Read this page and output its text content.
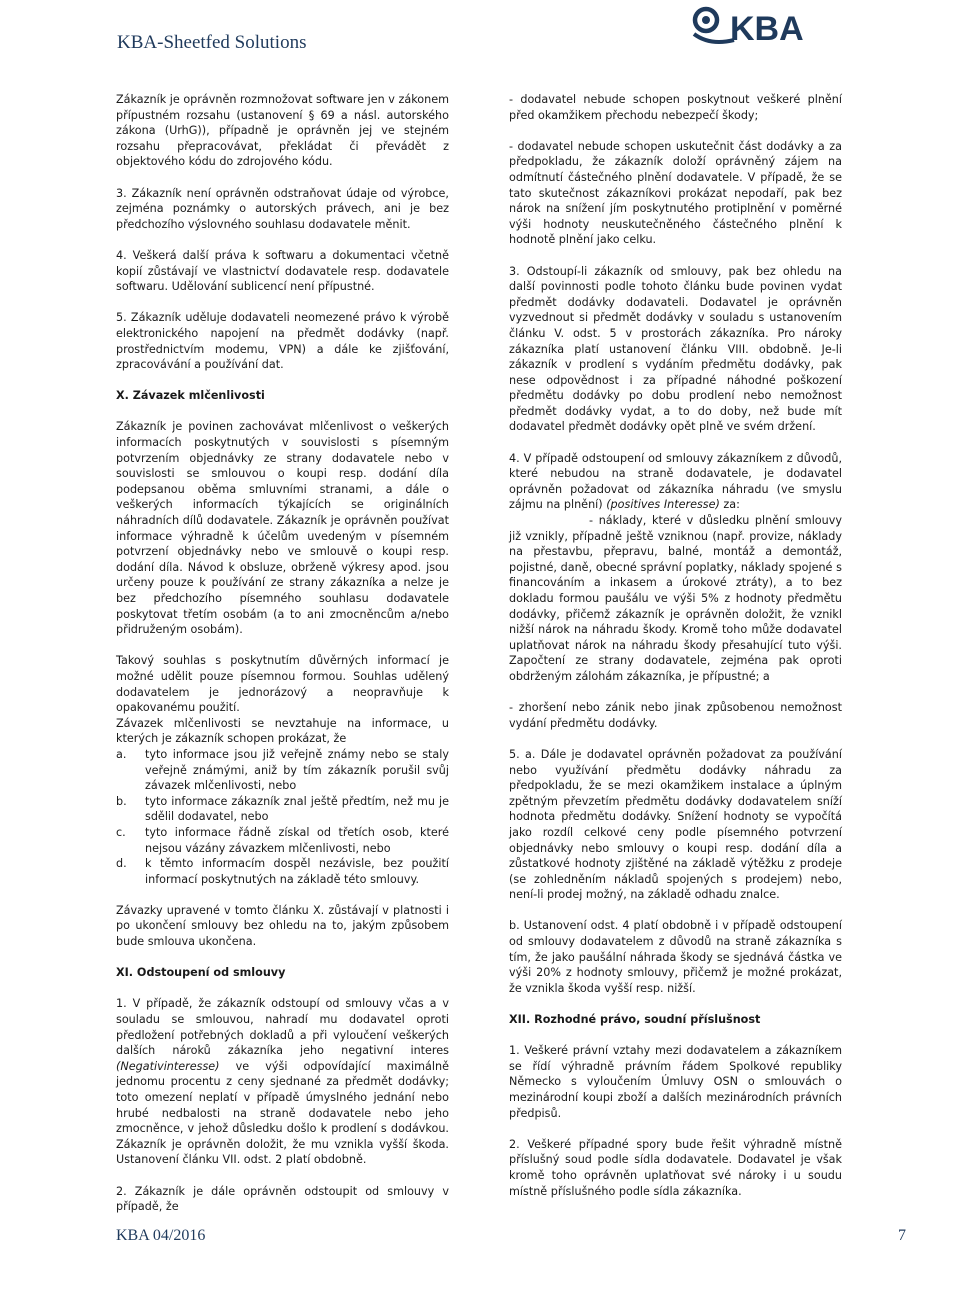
KBA-Sheetfed Solutions	KBA

Zákazník je oprávněn rozmnožovat software jen v zákonem přípustném rozsahu (ustanovení § 69 a násl. autorského zákona (UrhG)), případně je oprávněn jej ve stejném rozsahu přepracovávat, překládat či převádět z objektového kódu do zdrojového kódu.

3. Zákazník není oprávněn odstraňovat údaje od výrobce, zejména poznámky o autorských právech, ani je bez předchozího výslovného souhlasu dodavatele měnit.

4. Veškerá další práva k softwaru a dokumentaci včetně kopií zůstávají ve vlastnictví dodavatele resp. dodavatele softwaru. Udělování sublicencí není přípustné.

5. Zákazník uděluje dodavateli neomezené právo k výrobě elektronického napojení na předmět dodávky (např. prostřednictvím modemu, VPN) a dále ke zjišťování, zpracovávání a používání dat.

X. Závazek mlčenlivosti

Zákazník je povinen zachovávat mlčenlivost o veškerých informacích poskytnutých v souvislosti s písemným potvrzením objednávky ze strany dodavatele nebo v souvislosti se smlouvou o koupi resp. dodání díla podepsanou oběma smluvními stranami, a dále o veškerých informacích týkajících se originálních náhradních dílů dodavatele. Zákazník je oprávněn používat informace výhradně k účelům uvedeným v písemném potvrzení objednávky nebo ve smlouvě o koupi resp. dodání díla. Návod k obsluze, obrženě výkresy apod. jsou určeny pouze k používání ze strany zákazníka a nelze je bez předchozího písemného souhlasu dodavatele poskytovat třetím osobám (a to ani zmocněncům a/nebo přidruženým osobám).

Takový souhlas s poskytnutím důvěrných informací je možné udělit pouze písemnou formou. Souhlas udělený dodavatelem je jednorázový a neopravňuje k opakovanému použití.

Závazek mlčenlivosti se nevztahuje na informace, u kterých je zákazník schopen prokázat, že

a.	tyto informace jsou již veřejně známy nebo se staly veřejně známými, aniž by tím zákazník porušil svůj závazek mlčenlivosti, nebo
b.	tyto informace zákazník znal ještě předtím, než mu je sdělil dodavatel, nebo
c.	tyto informace řádně získal od třetích osob, které nejsou vázány závazkem mlčenlivosti, nebo
d.	k těmto informacím dospěl nezávisle, bez použití informací poskytnutých na základě této smlouvy.

Závazky upravené v tomto článku X. zůstávají v platnosti i po ukončení smlouvy bez ohledu na to, jakým způsobem bude smlouva ukončena.

XI. Odstoupení od smlouvy

1. V případě, že zákazník odstoupí od smlouvy včas a v souladu se smlouvou, nahradí mu dodavatel oproti předložení potřebných dokladů a při vyloučení veškerých dalších nároků zákazníka jeho negativní interes (Negativinteresse) ve výši odpovídající maximálně jednomu procentu z ceny sjednané za předmět dodávky; toto omezení neplatí v případě úmyslného jednání nebo hrubé nedbalosti na straně dodavatele nebo jeho zmocněnce, v jehož důsledku došlo k prodlení s dodávkou. Zákazník je oprávněn doložit, že mu vznikla vyšší škoda. Ustanovení článku VII. odst. 2 platí obdobně.

2. Zákazník je dále oprávněn odstoupit od smlouvy v případě, že

- dodavatel nebude schopen poskytnout veškeré plnění před okamžikem přechodu nebezpečí škody;

- dodavatel nebude schopen uskutečnit část dodávky a za předpokladu, že zákazník doloží oprávněný zájem na odmítnutí částečného plnění dodavatele. V případě, že se tato skutečnost zákazníkovi prokázat nepodaří, pak bez nárok na snížení jím poskytnutého protiplnění v poměrné výši hodnoty neuskutečněného částečného plnění k hodnotě plnění jako celku.

3. Odstoupí-li zákazník od smlouvy, pak bez ohledu na další povinnosti podle tohoto článku bude povinen vydat předmět dodávky dodavateli. Dodavatel je oprávněn vyzvednout si předmět dodávky v souladu s ustanovením článku V. odst. 5 v prostorách zákazníka. Pro nároky zákazníka platí ustanovení článku VIII. obdobně. Je-li zákazník v prodlení s vydáním předmětu dodávky, pak nese odpovědnost i za případné náhodné poškození předmětu dodávky po dobu prodlení nebo nemožnost předmět dodávky vydat, a to do doby, než bude mít dodavatel předmět dodávky opět plně ve svém držení.

4. V případě odstoupení od smlouvy zákazníkem z důvodů, které nebudou na straně dodavatele, je dodavatel oprávněn požadovat od zákazníka náhradu (ve smyslu zájmu na plnění) (positives Interesse) za:

- náklady, které v důsledku plnění smlouvy již vznikly, případně ještě vzniknou (např. provize, náklady na přestavbu, přepravu, balné, montáž a demontáž, pojistné, daně, obecné správní poplatky, náklady spojené s financováním a inkasem a úrokové ztráty), a to bez dokladu formou paušálu ve výši 5% z hodnoty předmětu dodávky, přičemž zákazník je oprávněn doložit, že vznikl nižší nárok na náhradu škody. Kromě toho může dodavatel uplatňovat nárok na náhradu škody přesahující tuto výši. Započtení ze strany dodavatele, zejména pak oproti obdrženým zálohám zákazníka, je přípustné; a

- zhoršení nebo zánik nebo jinak způsobenou nemožnost vydání předmětu dodávky.

5. a. Dále je dodavatel oprávněn požadovat za používání nebo využívání předmětu dodávky náhradu za předpokladu, že se mezi okamžikem instalace a úplným zpětným převzetím předmětu dodávky dodavatelem sníží hodnota předmětu dodávky. Snížení hodnoty se vypočítá jako rozdíl celkové ceny podle písemného potvrzení objednávky nebo smlouvy o koupi resp. dodání díla a zůstatkové hodnoty zjištěné na základě výtěžku z prodeje (se zohledněním nákladů spojených s prodejem) nebo, není-li prodej možný, na základě odhadu znalce.

b. Ustanovení odst. 4 platí obdobně i v případě odstoupení od smlouvy dodavatelem z důvodů na straně zákazníka s tím, že jako paušální náhrada škody se sjednává částka ve výši 20% z hodnoty smlouvy, přičemž je možné prokázat, že vznikla škoda vyšší resp. nižší.

XII. Rozhodné právo, soudní příslušnost

1. Veškeré právní vztahy mezi dodavatelem a zákazníkem se řídí výhradně právním řádem Spolkové republiky Německo s vyloučením Úmluvy OSN o smlouvách o mezinárodní koupi zboží a dalších mezinárodních právních předpisů.

2. Veškeré případné spory bude řešit výhradně místně příslušný soud podle sídla dodavatele. Dodavatel je však kromě toho oprávněn uplatňovat své nároky i u soudu místně příslušného podle sídla zákazníka.

KBA 04/2016	7
